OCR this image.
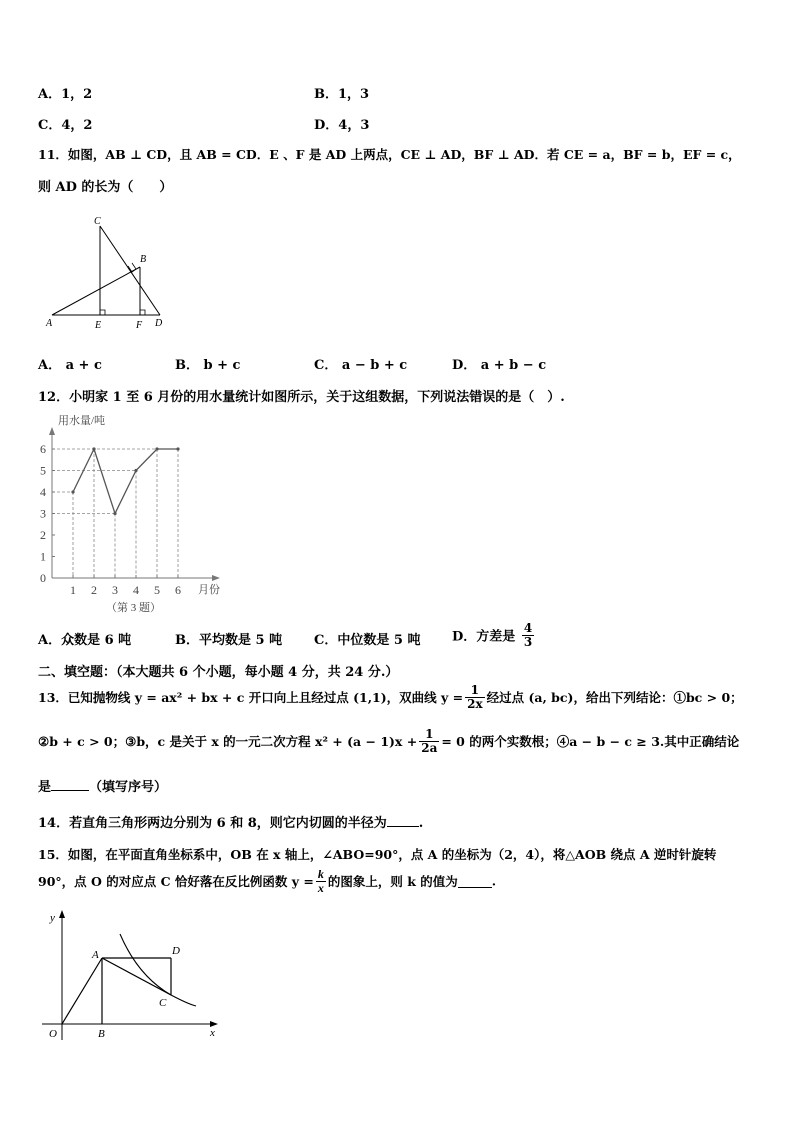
A．1，2	B．1，3
C．4，2	D．4，3
11．如图，AB ⊥ CD，且 AB = CD．E 、F 是 AD 上两点，CE ⊥ AD，BF ⊥ AD．若 CE = a，BF = b，EF = c，
则 AD 的长为（　　）
C
B
A	E	F D
A． a + c	B． b + c	C． a − b + c	D． a + b − c
12．小明家 1 至 6 月份的用水量统计如图所示，关于这组数据，下列说法错误的是（　）.
0
1
2
3
4
5
6
1 2 3 4 5 6
用水量/吨
月份
（第 3 题）
A．众数是 6 吨	B．平均数是 5 吨 C．中位数是 5 吨 D．方差是 $\frac{4}{3}$
二、填空题：（本大题共 6 个小题，每小题 4 分，共 24 分.）
13．已知抛物线 y = ax² + bx + c 开口向上且经过点 (1,1)，双曲线 $y = \frac{1}{2x}$ 经过点 (a, bc)，给出下列结论：①bc > 0；
②b + c > 0；③b，c 是关于 x 的一元二次方程 $x^2 + (a - 1)x + \frac{1}{2a} = 0$ 的两个实数根；④a − b − c ≥ 3.其中正确结论
是	（填写序号）
14．若直角三角形两边分别为 6 和 8，则它内切圆的半径为 .
15．如图，在平面直角坐标系中，OB 在 x 轴上，∠ABO=90°，点 A 的坐标为（2，4），将△AOB 绕点 A 逆时针旋转
90°，点 O 的对应点 C 恰好落在反比例函数 $y = \frac{k}{x}$ 的图象上，则 k 的值为	.
y
x
O
A
B
C
D
